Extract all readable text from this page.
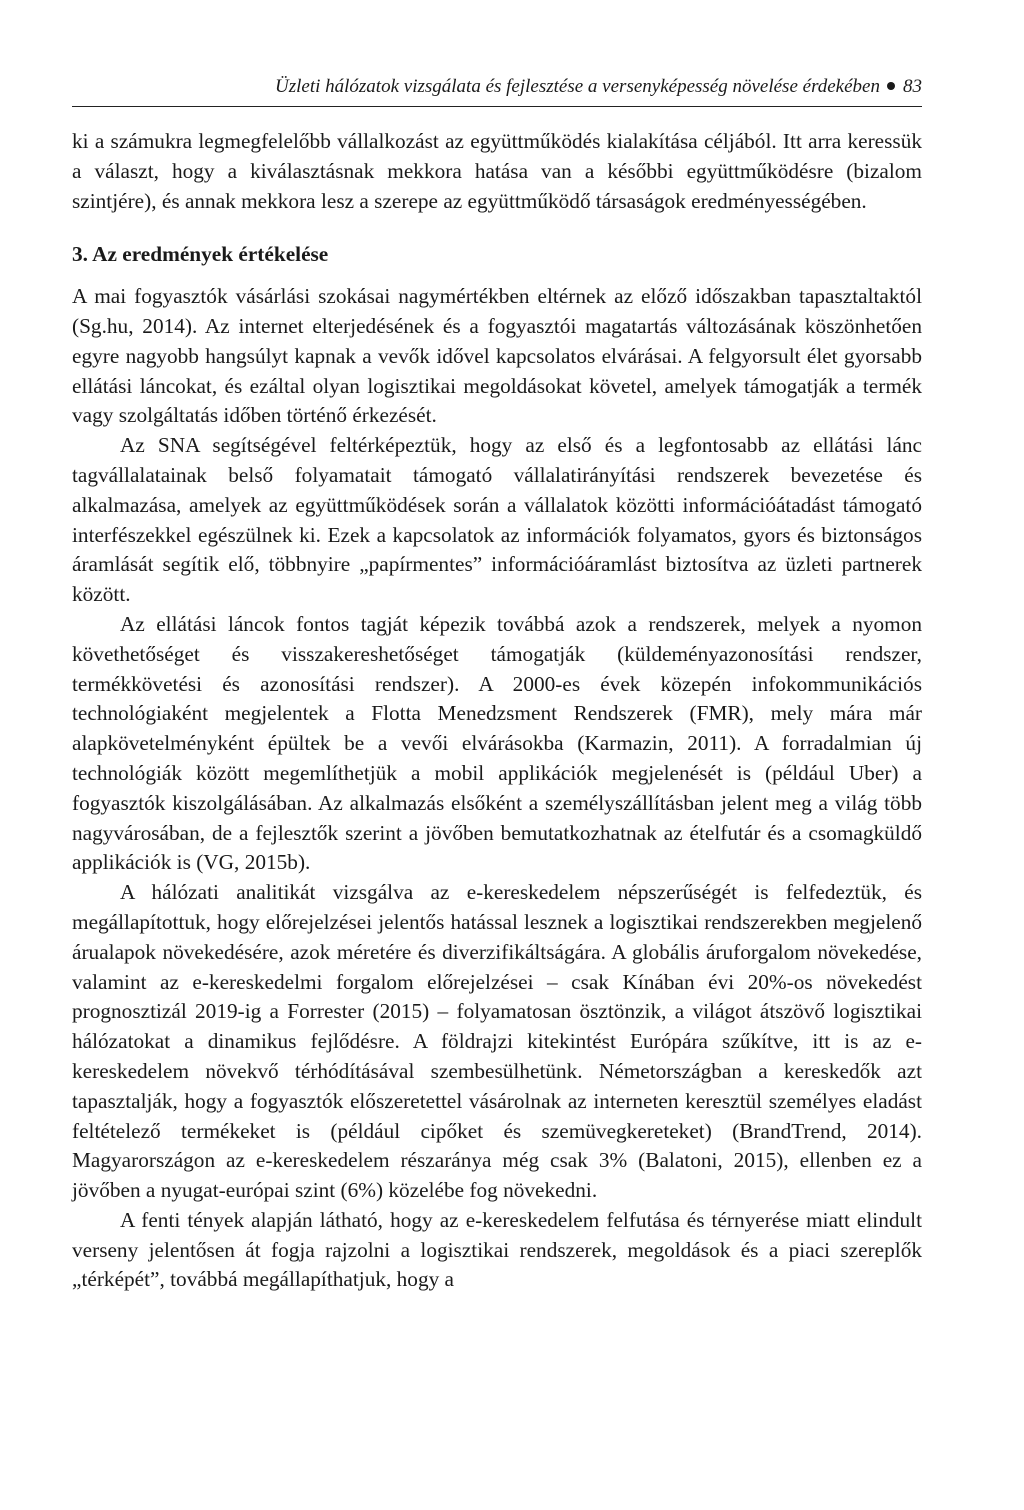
Üzleti hálózatok vizsgálata és fejlesztése a versenyképesség növelése érdekében 83

ki a számukra legmegfelelőbb vállalkozást az együttműködés kialakítása céljából. Itt arra keressük a választ, hogy a kiválasztásnak mekkora hatása van a későbbi együttműködésre (bizalom szintjére), és annak mekkora lesz a szerepe az együttműködő társaságok eredményességében.

3. Az eredmények értékelése

A mai fogyasztók vásárlási szokásai nagymértékben eltérnek az előző időszakban tapasztaltaktól (Sg.hu, 2014). Az internet elterjedésének és a fogyasztói magatartás változásának köszönhetően egyre nagyobb hangsúlyt kapnak a vevők idővel kapcsolatos elvárásai. A felgyorsult élet gyorsabb ellátási láncokat, és ezáltal olyan logisztikai megoldásokat követel, amelyek támogatják a termék vagy szolgáltatás időben történő érkezését.

Az SNA segítségével feltérképeztük, hogy az első és a legfontosabb az ellátási lánc tagvállalatainak belső folyamatait támogató vállalatirányítási rendszerek bevezetése és alkalmazása, amelyek az együttműködések során a vállalatok közötti információátadást támogató interfészekkel egészülnek ki. Ezek a kapcsolatok az információk folyamatos, gyors és biztonságos áramlását segítik elő, többnyire „papírmentes” információáramlást biztosítva az üzleti partnerek között.

Az ellátási láncok fontos tagját képezik továbbá azok a rendszerek, melyek a nyomon követhetőséget és visszakereshetőséget támogatják (küldeményazonosítási rendszer, termékkövetési és azonosítási rendszer). A 2000-es évek közepén infokommunikációs technológiaként megjelentek a Flotta Menedzsment Rendszerek (FMR), mely mára már alapkövetelményként épültek be a vevői elvárásokba (Karmazin, 2011). A forradalmian új technológiák között megemlíthetjük a mobil applikációk megjelenését is (például Uber) a fogyasztók kiszolgálásában. Az alkalmazás elsőként a személyszállításban jelent meg a világ több nagyvárosában, de a fejlesztők szerint a jövőben bemutatkozhatnak az ételfutár és a csomagküldő applikációk is (VG, 2015b).

A hálózati analitikát vizsgálva az e-kereskedelem népszerűségét is felfedeztük, és megállapítottuk, hogy előrejelzései jelentős hatással lesznek a logisztikai rendszerekben megjelenő árualapok növekedésére, azok méretére és diverzifikáltságára. A globális áruforgalom növekedése, valamint az e-kereskedelmi forgalom előrejelzései – csak Kínában évi 20%-os növekedést prognosztizál 2019-ig a Forrester (2015) – folyamatosan ösztönzik, a világot átszövő logisztikai hálózatokat a dinamikus fejlődésre. A földrajzi kitekintést Európára szűkítve, itt is az e-kereskedelem növekvő térhódításával szembesülhetünk. Németországban a kereskedők azt tapasztalják, hogy a fogyasztók előszeretettel vásárolnak az interneten keresztül személyes eladást feltételező termékeket is (például cipőket és szemüvegkereteket) (BrandTrend, 2014). Magyarországon az e-kereskedelem részaránya még csak 3% (Balatoni, 2015), ellenben ez a jövőben a nyugat-európai szint (6%) közelébe fog növekedni.

A fenti tények alapján látható, hogy az e-kereskedelem felfutása és térnyerése miatt elindult verseny jelentősen át fogja rajzolni a logisztikai rendszerek, megoldások és a piaci szereplők „térképét”, továbbá megállapíthatjuk, hogy a
